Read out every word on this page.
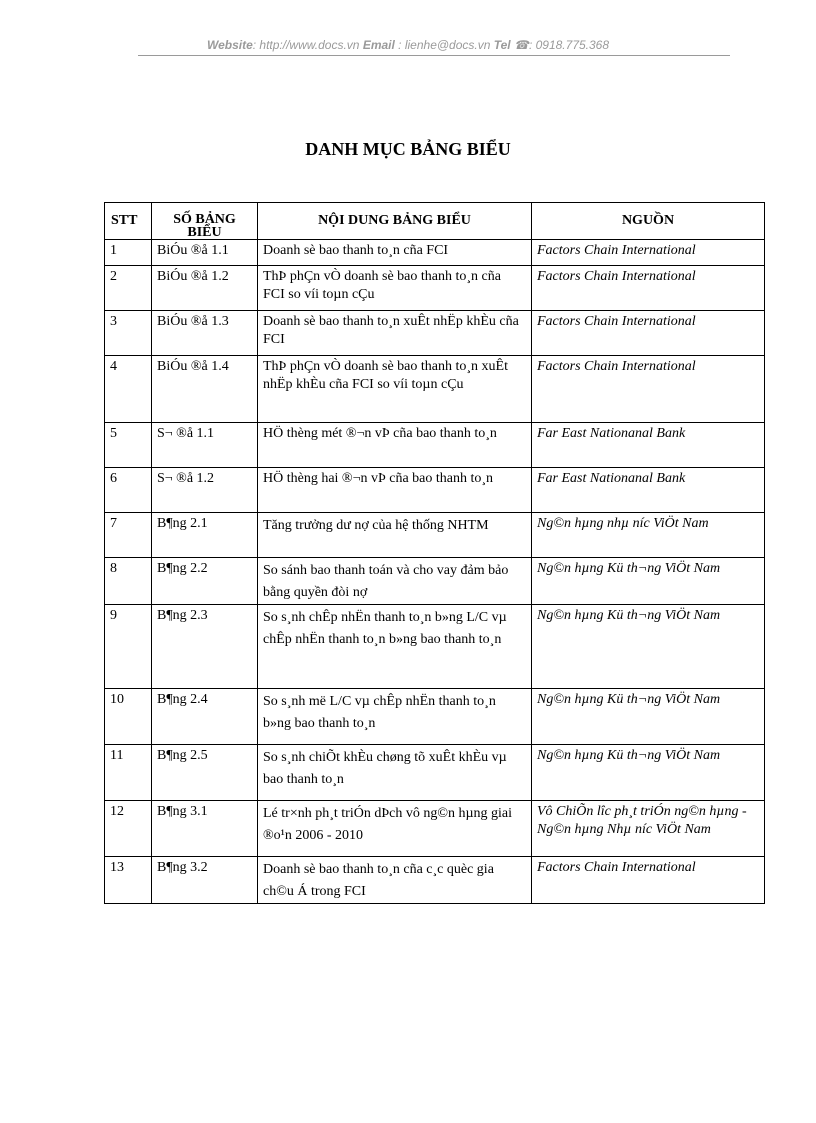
Website: http://www.docs.vn Email : lienhe@docs.vn Tel ☎: 0918.775.368
DANH MỤC BẢNG BIỂU
STT	SỐ BẢNG BIỂU	NỘI DUNG BẢNG BIỂU	NGUỒN
1	BiÓu ®å 1.1	Doanh sè bao thanh to¸n cña FCI	Factors Chain International
2	BiÓu ®å 1.2	ThÞ phÇn vÒ doanh sè bao thanh to¸n cña FCI so víi toµn cÇu	Factors Chain International
3	BiÓu ®å 1.3	Doanh sè bao thanh to¸n xuÊt nhËp khÈu cña FCI	Factors Chain International
4	BiÓu ®å 1.4	ThÞ phÇn vÒ doanh sè bao thanh to¸n xuÊt nhËp khÈu cña FCI so víi toµn cÇu	Factors Chain International
5	S¬ ®å 1.1	HÖ thèng mét ®¬n vÞ cña bao thanh to¸n	Far East Nationanal Bank
6	S¬ ®å 1.2	HÖ thèng hai ®¬n vÞ cña bao thanh to¸n	Far East Nationanal Bank
7	B¶ng 2.1	Tăng trưởng dư nợ của hệ thống NHTM	Ng©n hµng nhµ níc ViÖt Nam
8	B¶ng 2.2	So sánh bao thanh toán và cho vay đảm bảo bằng quyền đòi nợ	Ng©n hµng Kü th¬ng ViÖt Nam
9	B¶ng 2.3	So s¸nh chÊp nhËn thanh to¸n b»ng L/C vµ chÊp nhËn thanh to¸n b»ng bao thanh to¸n	Ng©n hµng Kü th¬ng ViÖt Nam
10	B¶ng 2.4	So s¸nh më L/C vµ chÊp nhËn thanh to¸n b»ng bao thanh to¸n	Ng©n hµng Kü th¬ng ViÖt Nam
11	B¶ng 2.5	So s¸nh chiÕt khÈu chøng tõ xuÊt khÈu vµ bao thanh to¸n	Ng©n hµng Kü th¬ng ViÖt Nam
12	B¶ng 3.1	Lé tr×nh ph¸t triÓn dÞch vô ng©n hµng giai ®o¹n 2006 - 2010	Vô ChiÕn lîc ph¸t triÓn ng©n hµng - Ng©n hµng Nhµ níc ViÖt Nam
13	B¶ng 3.2	Doanh sè bao thanh to¸n cña c¸c quèc gia ch©u Á trong FCI	Factors Chain International
